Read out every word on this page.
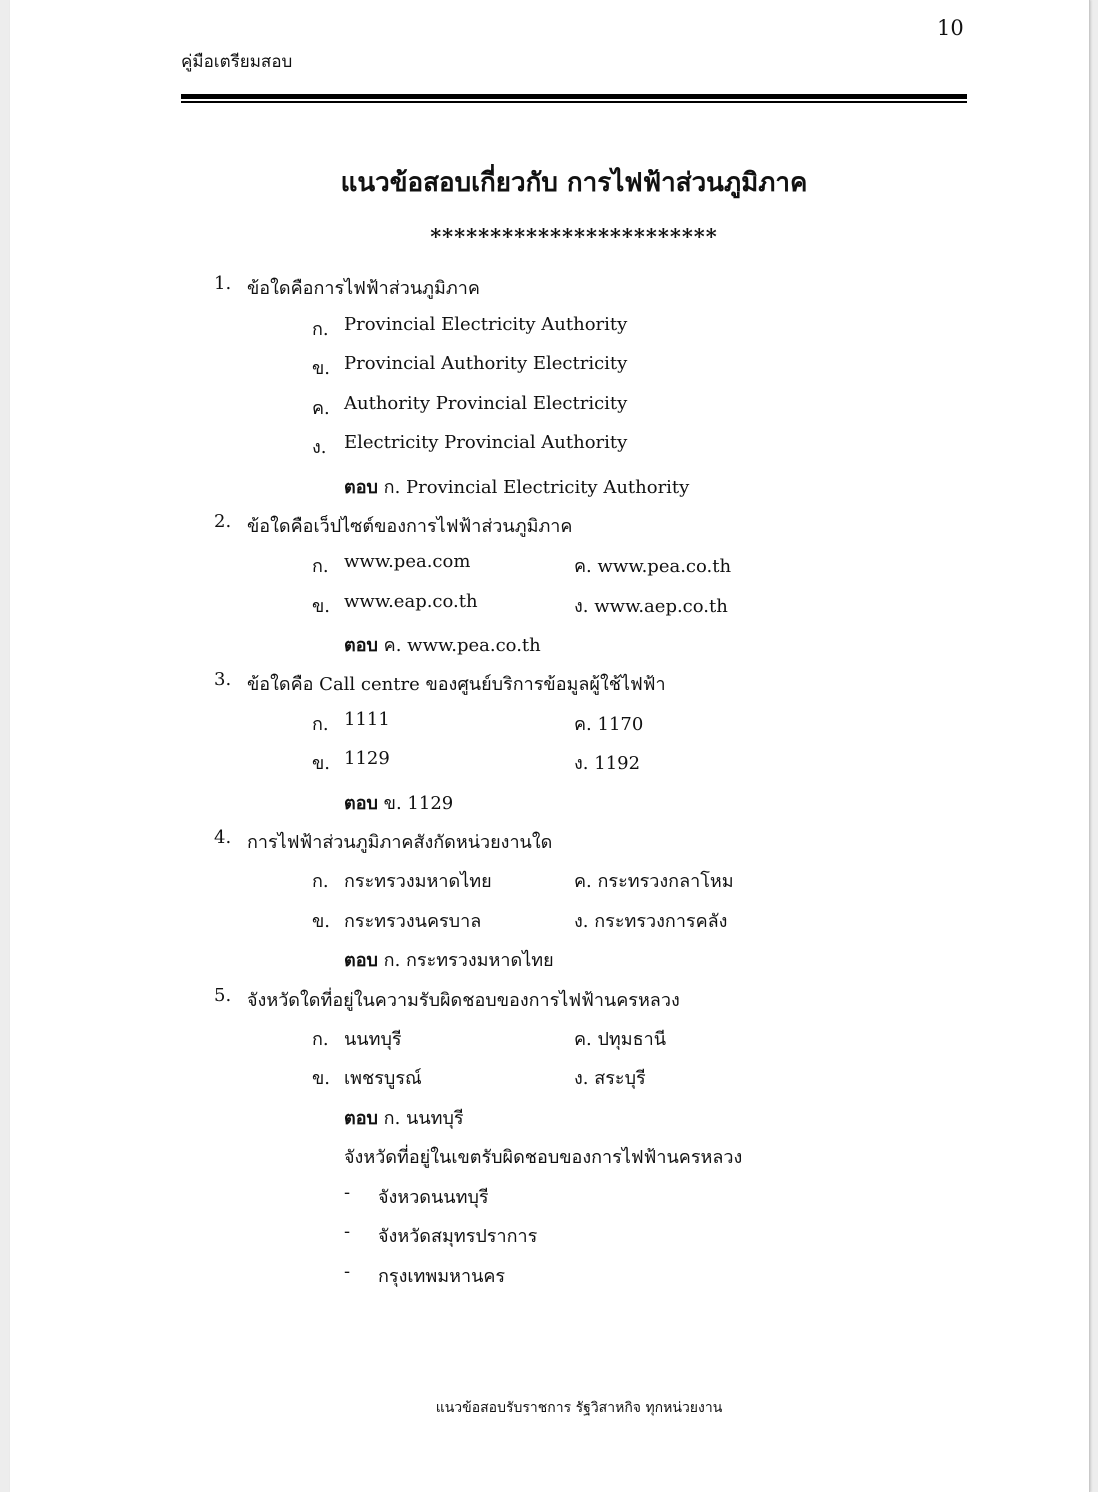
10
คู่มือเตรียมสอบ
แนวข้อสอบเกี่ยวกับ การไฟฟ้าส่วนภูมิภาค
************************
1. ข้อใดคือการไฟฟ้าส่วนภูมิภาค
ก. Provincial Electricity Authority
ข. Provincial Authority Electricity
ค. Authority Provincial Electricity
ง. Electricity Provincial Authority
ตอบ ก. Provincial Electricity Authority
2. ข้อใดคือเว็ปไซต์ของการไฟฟ้าส่วนภูมิภาค
ก. www.pea.com	ค. www.pea.co.th
ข. www.eap.co.th	ง. www.aep.co.th
ตอบ ค. www.pea.co.th
3. ข้อใดคือ Call centre ของศูนย์บริการข้อมูลผู้ใช้ไฟฟ้า
ก. 1111	ค. 1170
ข. 1129	ง. 1192
ตอบ ข. 1129
4. การไฟฟ้าส่วนภูมิภาคสังกัดหน่วยงานใด
ก. กระทรวงมหาดไทย	ค. กระทรวงกลาโหม
ข. กระทรวงนครบาล	ง. กระทรวงการคลัง
ตอบ ก. กระทรวงมหาดไทย
5. จังหวัดใดที่อยู่ในความรับผิดชอบของการไฟฟ้านครหลวง
ก. นนทบุรี	ค. ปทุมธานี
ข. เพชรบูรณ์	ง. สระบุรี
ตอบ ก. นนทบุรี
จังหวัดที่อยู่ในเขตรับผิดชอบของการไฟฟ้านครหลวง
- จังหวดนนทบุรี
- จังหวัดสมุทรปราการ
- กรุงเทพมหานคร
แนวข้อสอบรับราชการ รัฐวิสาหกิจ ทุกหน่วยงาน
